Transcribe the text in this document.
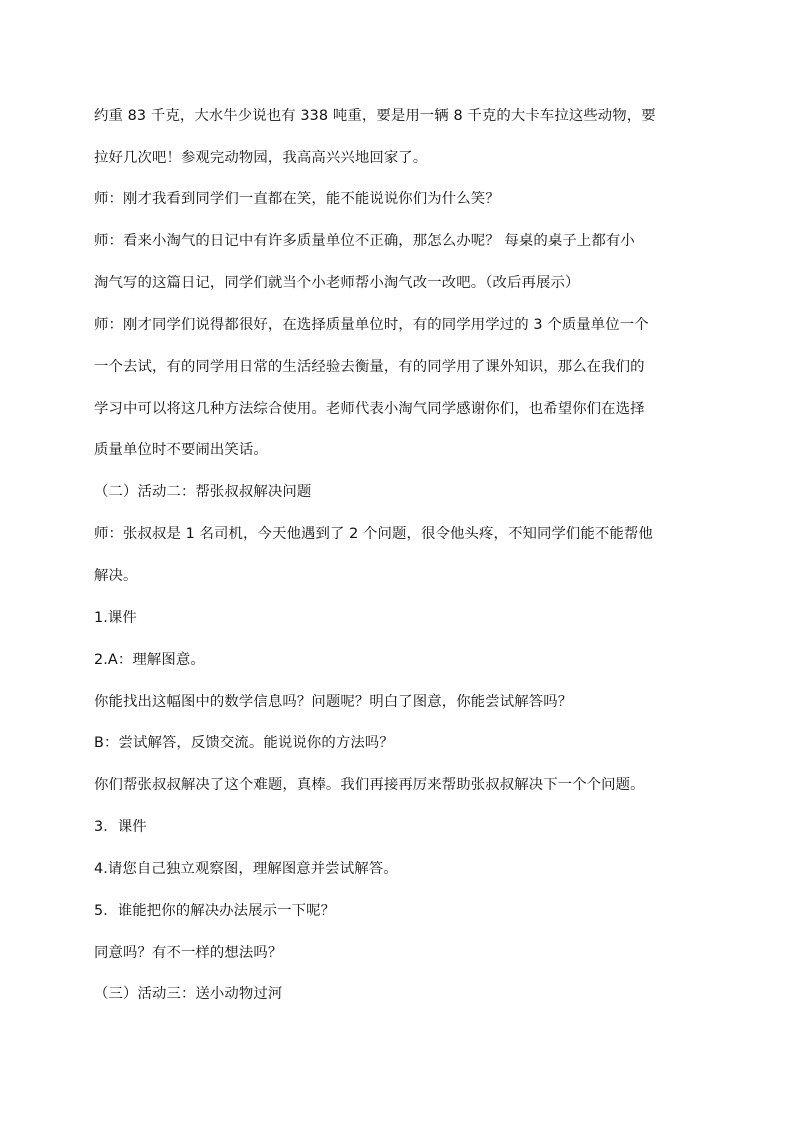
约重 83 千克，大水牛少说也有 338 吨重，要是用一辆 8 千克的大卡车拉这些动物，要
拉好几次吧！参观完动物园，我高高兴兴地回家了。
师：刚才我看到同学们一直都在笑，能不能说说你们为什么笑？
师：看来小淘气的日记中有许多质量单位不正确，那怎么办呢？ 每桌的桌子上都有小
淘气写的这篇日记，同学们就当个小老师帮小淘气改一改吧。（改后再展示）
师：刚才同学们说得都很好，在选择质量单位时，有的同学用学过的 3 个质量单位一个
一个去试，有的同学用日常的生活经验去衡量，有的同学用了课外知识，那么在我们的
学习中可以将这几种方法综合使用。老师代表小淘气同学感谢你们，也希望你们在选择
质量单位时不要闹出笑话。
（二）活动二：帮张叔叔解决问题
师：张叔叔是 1 名司机，今天他遇到了 2 个问题，很令他头疼，不知同学们能不能帮他
解决。
1.课件
2.A：理解图意。
你能找出这幅图中的数学信息吗？问题呢？明白了图意，你能尝试解答吗？
B：尝试解答，反馈交流。能说说你的方法吗？
你们帮张叔叔解决了这个难题，真棒。我们再接再厉来帮助张叔叔解决下一个个问题。
3．课件
4.请您自己独立观察图，理解图意并尝试解答。
5．谁能把你的解决办法展示一下呢？
同意吗？有不一样的想法吗？
（三）活动三：送小动物过河
